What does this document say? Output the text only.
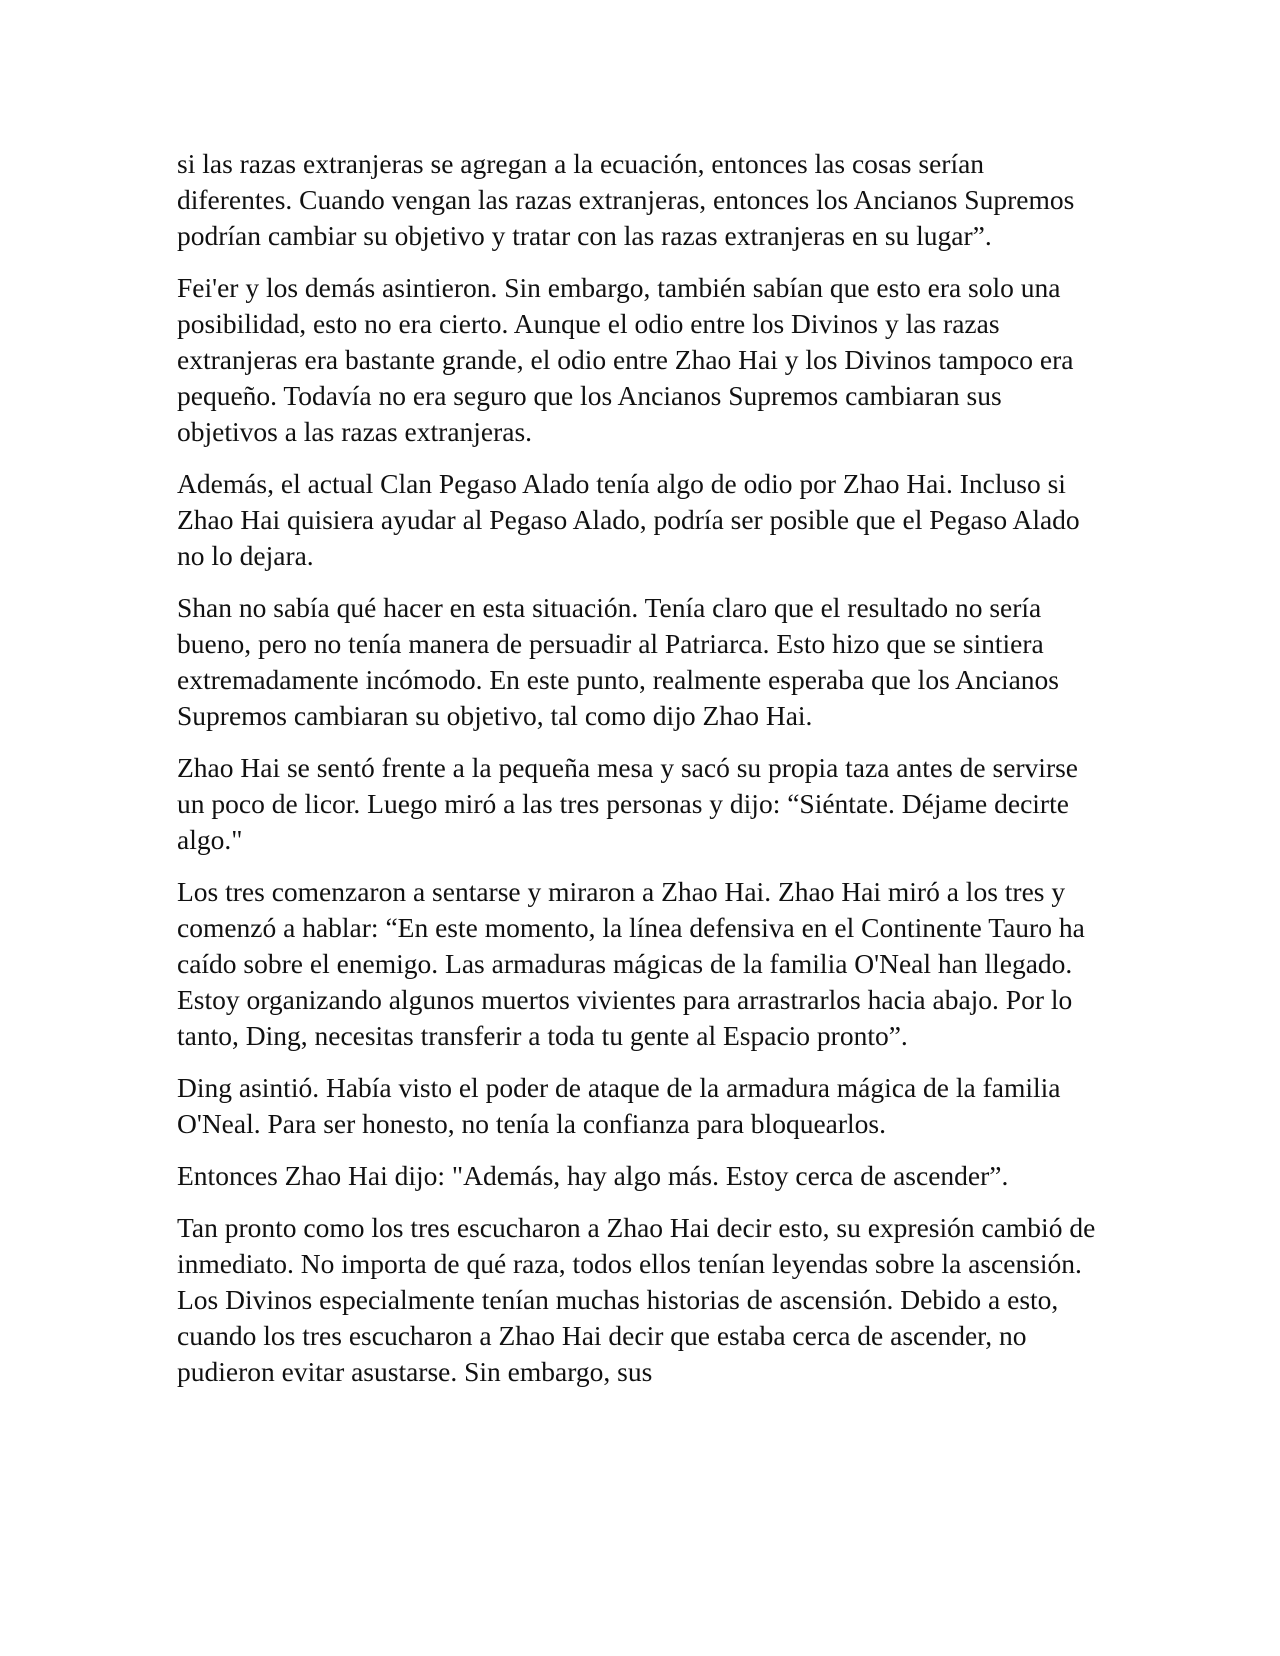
si las razas extranjeras se agregan a la ecuación, entonces las cosas serían diferentes. Cuando vengan las razas extranjeras, entonces los Ancianos Supremos podrían cambiar su objetivo y tratar con las razas extranjeras en su lugar”.

Fei'er y los demás asintieron. Sin embargo, también sabían que esto era solo una posibilidad, esto no era cierto. Aunque el odio entre los Divinos y las razas extranjeras era bastante grande, el odio entre Zhao Hai y los Divinos tampoco era pequeño. Todavía no era seguro que los Ancianos Supremos cambiaran sus objetivos a las razas extranjeras.

Además, el actual Clan Pegaso Alado tenía algo de odio por Zhao Hai. Incluso si Zhao Hai quisiera ayudar al Pegaso Alado, podría ser posible que el Pegaso Alado no lo dejara.

Shan no sabía qué hacer en esta situación. Tenía claro que el resultado no sería bueno, pero no tenía manera de persuadir al Patriarca. Esto hizo que se sintiera extremadamente incómodo. En este punto, realmente esperaba que los Ancianos Supremos cambiaran su objetivo, tal como dijo Zhao Hai.

Zhao Hai se sentó frente a la pequeña mesa y sacó su propia taza antes de servirse un poco de licor. Luego miró a las tres personas y dijo: “Siéntate. Déjame decirte algo."

Los tres comenzaron a sentarse y miraron a Zhao Hai. Zhao Hai miró a los tres y comenzó a hablar: “En este momento, la línea defensiva en el Continente Tauro ha caído sobre el enemigo. Las armaduras mágicas de la familia O'Neal han llegado. Estoy organizando algunos muertos vivientes para arrastrarlos hacia abajo. Por lo tanto, Ding, necesitas transferir a toda tu gente al Espacio pronto”.

Ding asintió. Había visto el poder de ataque de la armadura mágica de la familia O'Neal. Para ser honesto, no tenía la confianza para bloquearlos.

Entonces Zhao Hai dijo: "Además, hay algo más. Estoy cerca de ascender”.

Tan pronto como los tres escucharon a Zhao Hai decir esto, su expresión cambió de inmediato. No importa de qué raza, todos ellos tenían leyendas sobre la ascensión. Los Divinos especialmente tenían muchas historias de ascensión. Debido a esto, cuando los tres escucharon a Zhao Hai decir que estaba cerca de ascender, no pudieron evitar asustarse. Sin embargo, sus
